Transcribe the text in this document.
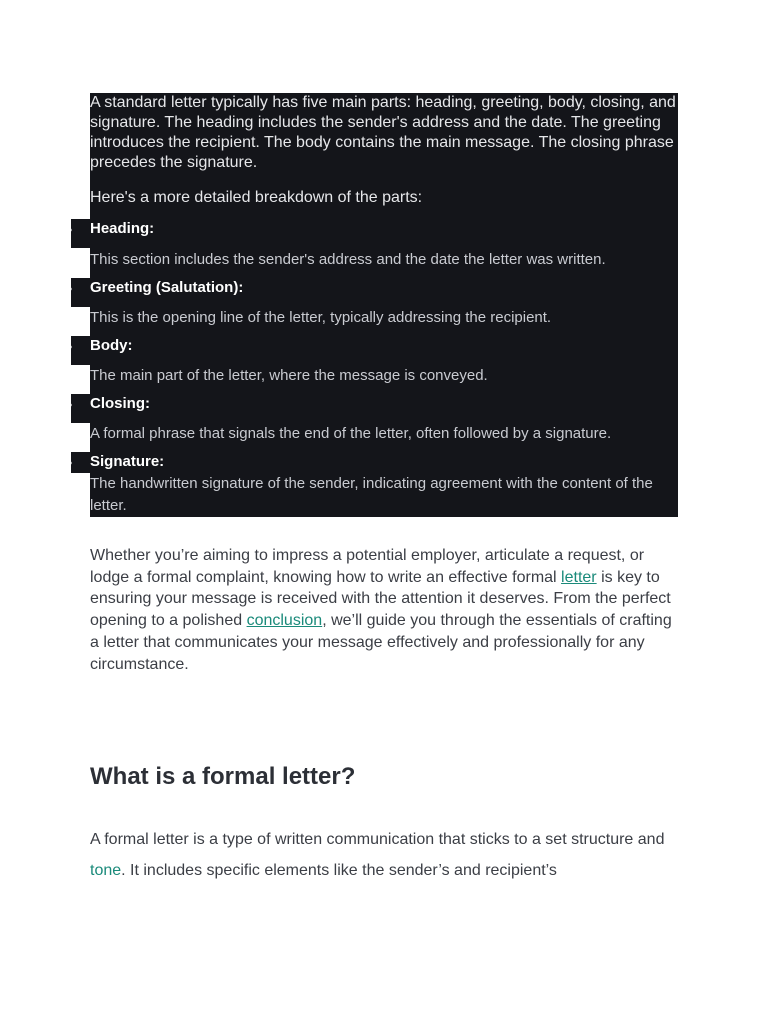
A standard letter typically has five main parts: heading, greeting, body, closing, and signature. The heading includes the sender's address and the date. The greeting introduces the recipient. The body contains the main message. The closing phrase precedes the signature.

Here's a more detailed breakdown of the parts:

• Heading:
This section includes the sender's address and the date the letter was written.
• Greeting (Salutation):
This is the opening line of the letter, typically addressing the recipient.
• Body:
The main part of the letter, where the message is conveyed.
• Closing:
A formal phrase that signals the end of the letter, often followed by a signature.
• Signature:
The handwritten signature of the sender, indicating agreement with the content of the letter.

Whether you’re aiming to impress a potential employer, articulate a request, or lodge a formal complaint, knowing how to write an effective formal letter is key to ensuring your message is received with the attention it deserves. From the perfect opening to a polished conclusion, we’ll guide you through the essentials of crafting a letter that communicates your message effectively and professionally for any circumstance.

What is a formal letter?

A formal letter is a type of written communication that sticks to a set structure and tone. It includes specific elements like the sender’s and recipient’s
